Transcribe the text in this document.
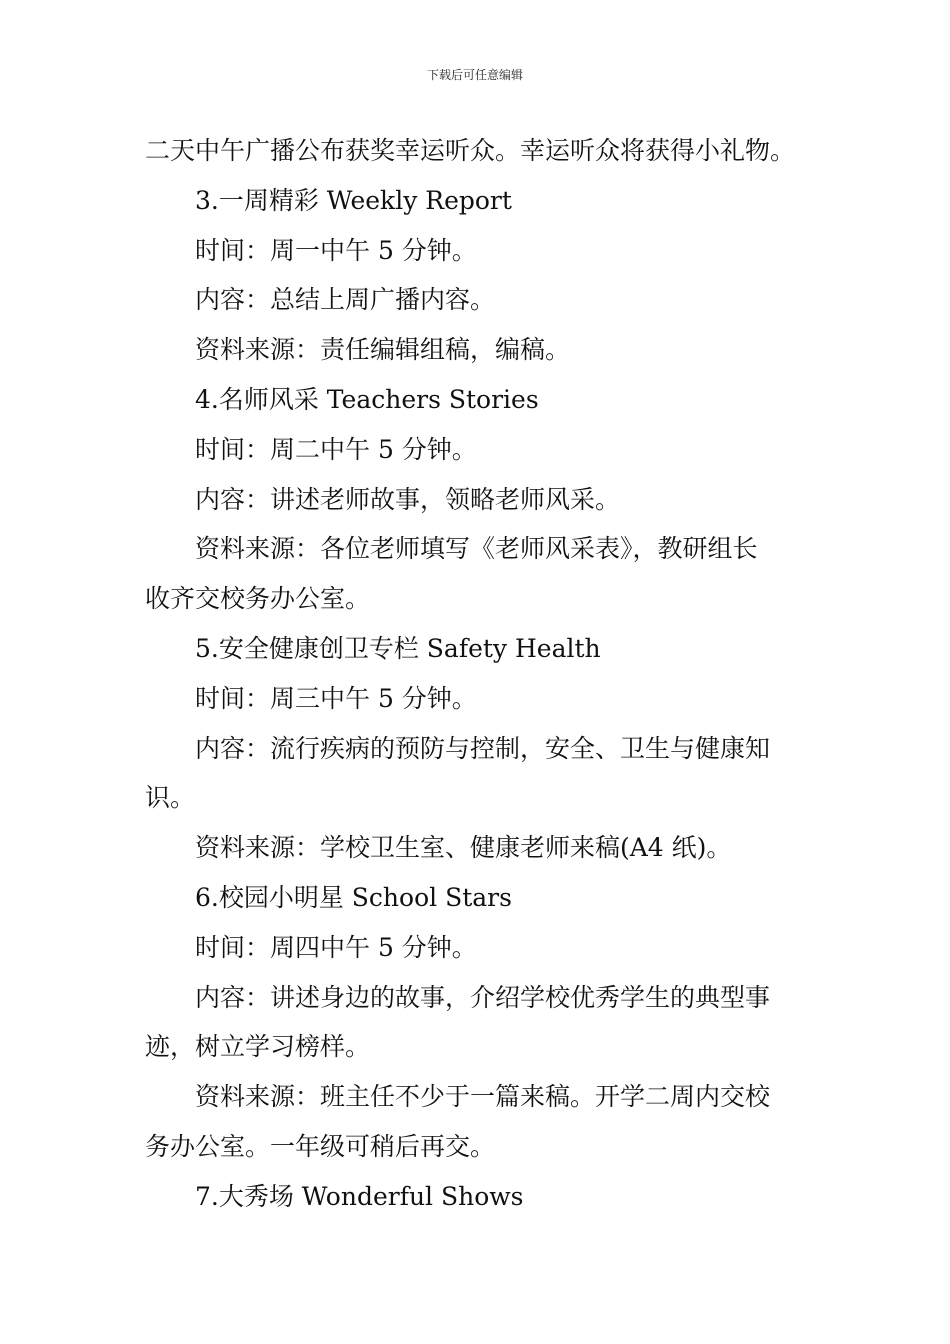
下载后可任意编辑
二天中午广播公布获奖幸运听众。幸运听众将获得小礼物。
3.一周精彩 Weekly Report
时间：周一中午 5 分钟。
内容：总结上周广播内容。
资料来源：责任编辑组稿，编稿。
4.名师风采 Teachers Stories
时间：周二中午 5 分钟。
内容：讲述老师故事，领略老师风采。
资料来源：各位老师填写《老师风采表》，教研组长
收齐交校务办公室。
5.安全健康创卫专栏 Safety Health
时间：周三中午 5 分钟。
内容：流行疾病的预防与控制，安全、卫生与健康知
识。
资料来源：学校卫生室、健康老师来稿(A4 纸)。
6.校园小明星 School Stars
时间：周四中午 5 分钟。
内容：讲述身边的故事，介绍学校优秀学生的典型事
迹，树立学习榜样。
资料来源：班主任不少于一篇来稿。开学二周内交校
务办公室。一年级可稍后再交。
7.大秀场 Wonderful Shows
